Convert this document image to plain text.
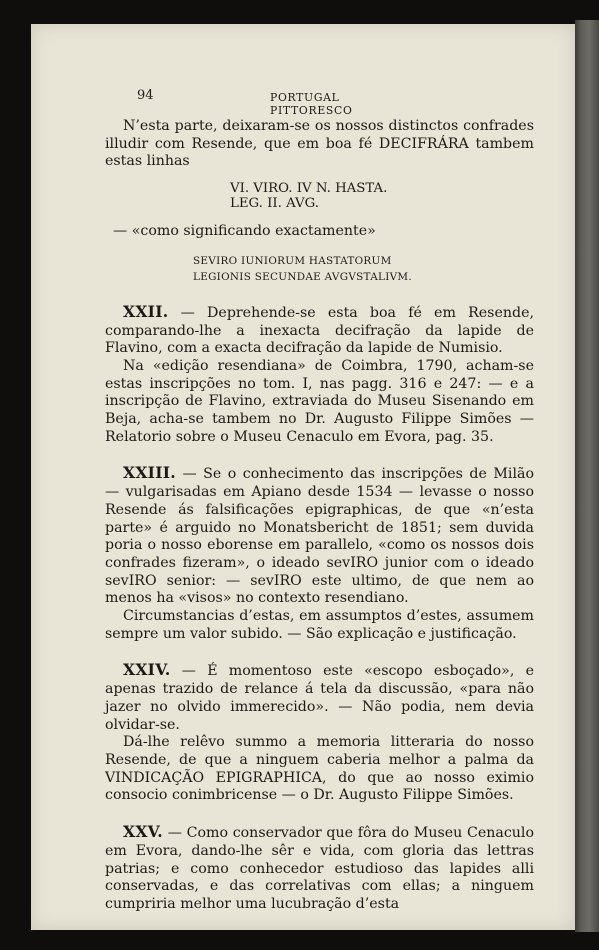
94	PORTUGAL PITTORESCO

N’esta parte, deixaram-se os nossos distinctos confrades illudir com Resende, que em boa fé DECIFRÁRA tambem estas linhas

VI. VIRO. IV N. HASTA.
LEG. II. AVG.

— «como significando exactamente»

SEVIRO IUNIORUM HASTATORUM
LEGIONIS SECUNDAE AVGVSTALIVM.

XXII. — Deprehende-se esta boa fé em Resende, comparando-lhe a inexacta decifração da lapide de Flavino, com a exacta decifração da lapide de Numisio.

Na «edição resendiana» de Coimbra, 1790, acham-se estas inscripções no tom. I, nas pagg. 316 e 247: — e a inscripção de Flavino, extraviada do Museu Sisenando em Beja, acha-se tambem no Dr. Augusto Filippe Simões — Relatorio sobre o Museu Cenaculo em Evora, pag. 35.

XXIII. — Se o conhecimento das inscripções de Milão — vulgarisadas em Apiano desde 1534 — levasse o nosso Resende ás falsificações epigraphicas, de que «n’esta parte» é arguido no Monatsbericht de 1851; sem duvida poria o nosso eborense em parallelo, «como os nossos dois confrades fizeram», o ideado sevIRO junior com o ideado sevIRO senior: — sevIRO este ultimo, de que nem ao menos ha «visos» no contexto resendiano.

Circumstancias d’estas, em assumptos d’estes, assumem sempre um valor subido. — São explicação e justificação.

XXIV. — É momentoso este «escopo esboçado», e apenas trazido de relance á tela da discussão, «para não jazer no olvido immerecido». — Não podia, nem devia olvidar-se.

Dá-lhe relêvo summo a memoria litteraria do nosso Resende, de que a ninguem caberia melhor a palma da VINDICAÇÃO EPIGRAPHICA, do que ao nosso eximio consocio conimbricense — o Dr. Augusto Filippe Simões.

XXV. — Como conservador que fôra do Museu Cenaculo em Evora, dando-lhe sêr e vida, com gloria das lettras patrias; e como conhecedor estudioso das lapides alli conservadas, e das correlativas com ellas; a ninguem cumpriria melhor uma lucubração d’esta
